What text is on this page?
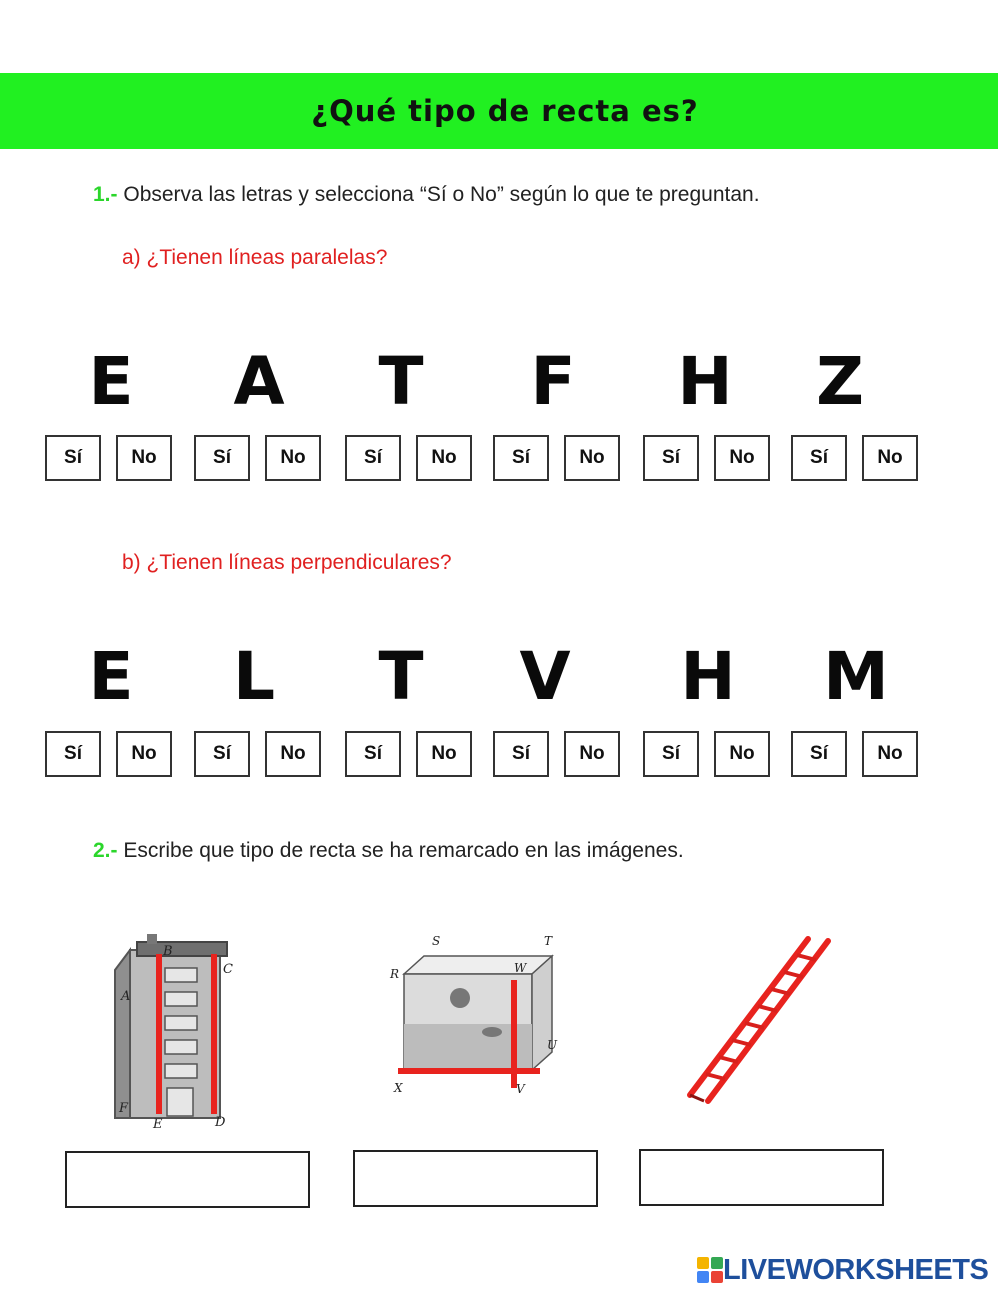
¿Qué tipo de recta es?
1.- Observa las letras y selecciona “Sí o No” según lo que te preguntan.
a) ¿Tienen líneas paralelas?
E	A	T	F	H	Z
Sí	No	Sí	No	Sí	No	Sí	No	Sí	No	Sí	No
b) ¿Tienen líneas perpendiculares?
E	L	T	V	H	M
Sí	No	Sí	No	Sí	No	Sí	No	Sí	No	Sí	No
2.- Escribe que tipo de recta se ha remarcado en las imágenes.
B
C
A
F
E	D
S	T
R	W
U
X	V
LIVEWORKSHEETS
